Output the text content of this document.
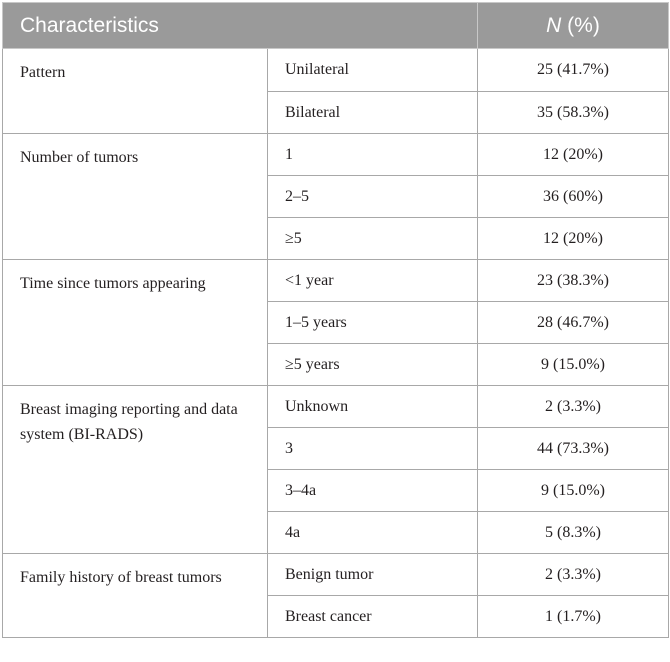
Characteristics		N (%)
Pattern	Unilateral	25 (41.7%)
	Bilateral	35 (58.3%)
Number of tumors	1	12 (20%)
	2–5	36 (60%)
	≥5	12 (20%)
Time since tumors appearing	<1 year	23 (38.3%)
	1–5 years	28 (46.7%)
	≥5 years	9 (15.0%)
Breast imaging reporting and data system (BI-RADS)	Unknown	2 (3.3%)
	3	44 (73.3%)
	3–4a	9 (15.0%)
	4a	5 (8.3%)
Family history of breast tumors	Benign tumor	2 (3.3%)
	Breast cancer	1 (1.7%)
